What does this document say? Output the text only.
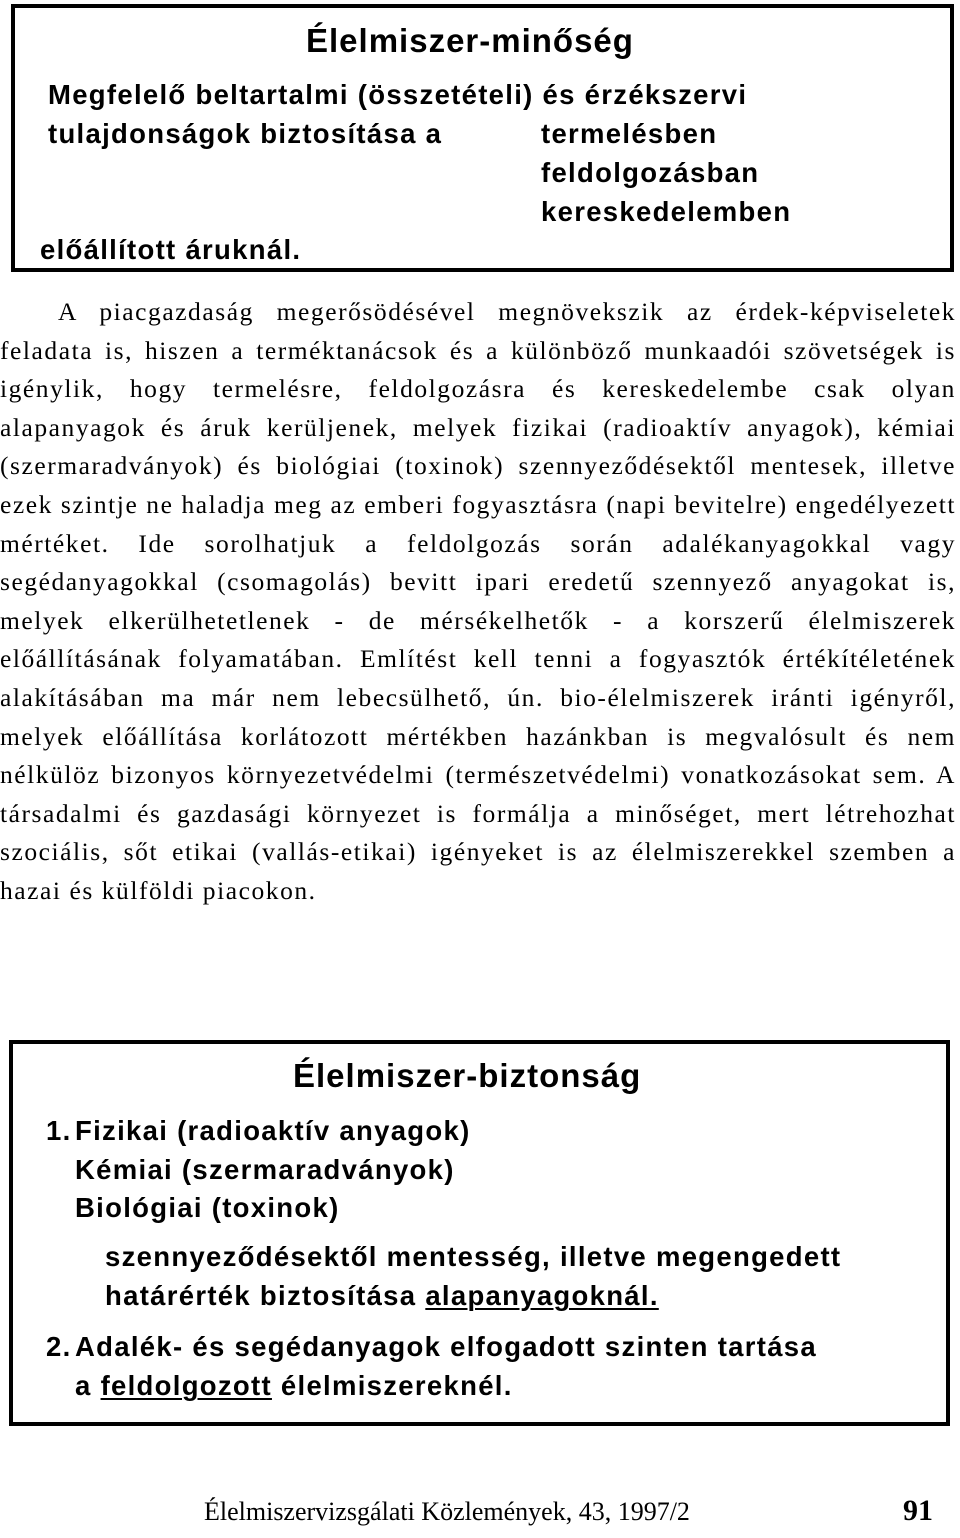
Élelmiszer-minőség
Megfelelő beltartalmi (összetételi) és érzékszervi
tulajdonságok biztosítása a	termelésben
feldolgozásban
kereskedelemben
előállított áruknál.

A piacgazdaság megerősödésével megnövekszik az érdek-képviseletek feladata is, hiszen a terméktanácsok és a különböző munkaadói szövetségek is igénylik, hogy termelésre, feldolgozásra és kereskedelembe csak olyan alapanyagok és áruk kerüljenek, melyek fizikai (radioaktív anyagok), kémiai (szermaradványok) és biológiai (toxinok) szennyeződésektől mentesek, illetve ezek szintje ne haladja meg az emberi fogyasztásra (napi bevitelre) engedélyezett mértéket. Ide sorolhatjuk a feldolgozás során adalékanyagokkal vagy segédanyagokkal (csomagolás) bevitt ipari eredetű szennyező anyagokat is, melyek elkerülhetetlenek - de mérsékelhetők - a korszerű élelmiszerek előállításának folyamatában. Említést kell tenni a fogyasztók értékítéletének alakításában ma már nem lebecsülhető, ún. bio-élelmiszerek iránti igényről, melyek előállítása korlátozott mértékben hazánkban is megvalósult és nem nélkülöz bizonyos környezetvédelmi (természetvédelmi) vonatkozásokat sem. A társadalmi és gazdasági környezet is formálja a minőséget, mert létrehozhat szociális, sőt etikai (vallás-etikai) igényeket is az élelmiszerekkel szemben a hazai és külföldi piacokon.

Élelmiszer-biztonság
1. Fizikai (radioaktív anyagok)
Kémiai (szermaradványok)
Biológiai (toxinok)
szennyeződésektől mentesség, illetve megengedett
határérték biztosítása alapanyagoknál.
2. Adalék- és segédanyagok elfogadott szinten tartása
a feldolgozott élelmiszereknél.
Élelmiszervizsgálati Közlemények, 43, 1997/2	91
